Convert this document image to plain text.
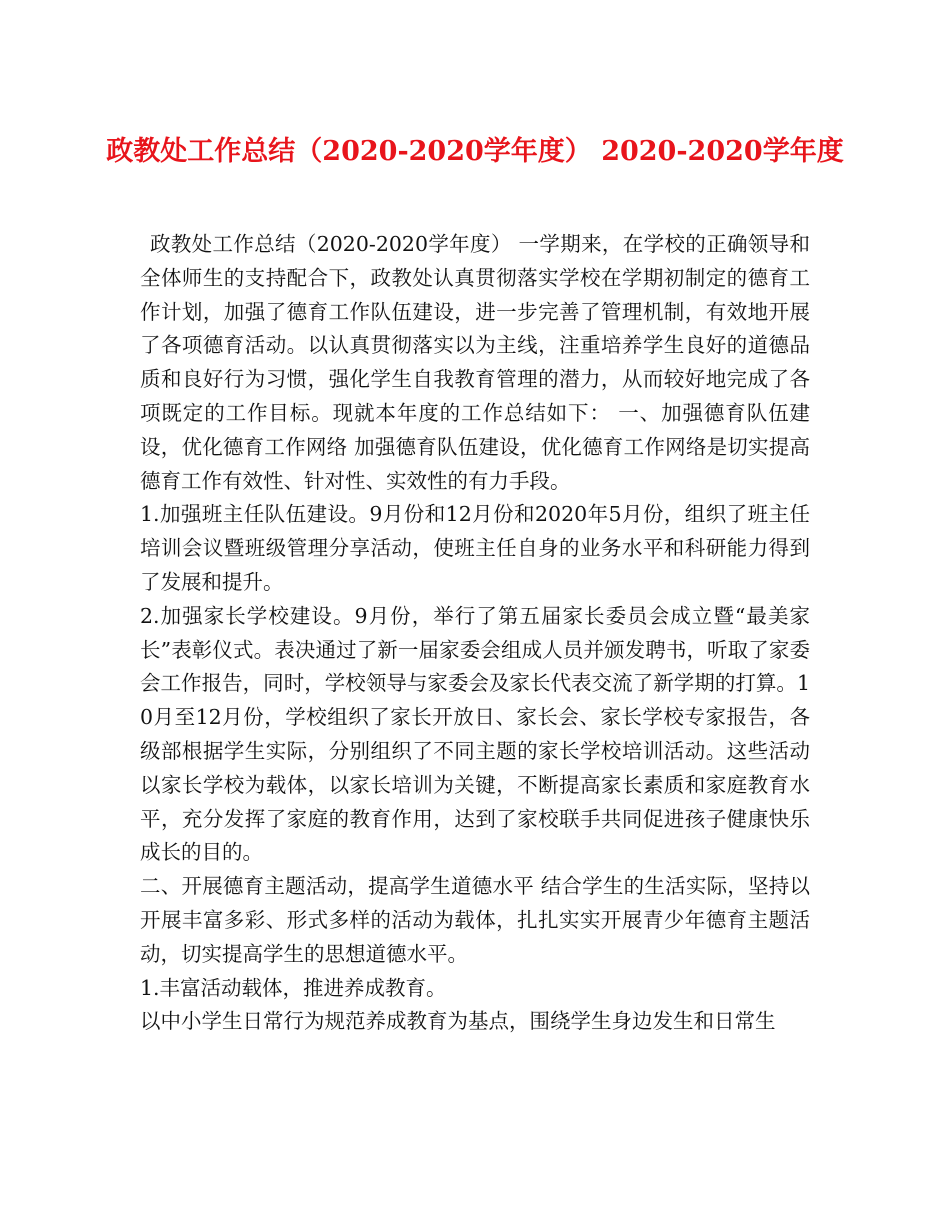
政教处工作总结（2020-2020学年度） 2020-2020学年度

政教处工作总结（2020-2020学年度） 一学期来，在学校的正确领导和全体师生的支持配合下，政教处认真贯彻落实学校在学期初制定的德育工作计划，加强了德育工作队伍建设，进一步完善了管理机制，有效地开展了各项德育活动。以认真贯彻落实以为主线，注重培养学生良好的道德品质和良好行为习惯，强化学生自我教育管理的潜力，从而较好地完成了各项既定的工作目标。现就本年度的工作总结如下： 一、加强德育队伍建设，优化德育工作网络 加强德育队伍建设，优化德育工作网络是切实提高德育工作有效性、针对性、实效性的有力手段。

1.加强班主任队伍建设。9月份和12月份和2020年5月份，组织了班主任培训会议暨班级管理分享活动，使班主任自身的业务水平和科研能力得到了发展和提升。

2.加强家长学校建设。9月份，举行了第五届家长委员会成立暨“最美家长”表彰仪式。表决通过了新一届家委会组成人员并颁发聘书，听取了家委会工作报告，同时，学校领导与家委会及家长代表交流了新学期的打算。10月至12月份，学校组织了家长开放日、家长会、家长学校专家报告，各级部根据学生实际，分别组织了不同主题的家长学校培训活动。这些活动以家长学校为载体，以家长培训为关键，不断提高家长素质和家庭教育水平，充分发挥了家庭的教育作用，达到了家校联手共同促进孩子健康快乐成长的目的。

二、开展德育主题活动，提高学生道德水平 结合学生的生活实际，坚持以开展丰富多彩、形式多样的活动为载体，扎扎实实开展青少年德育主题活动，切实提高学生的思想道德水平。

1.丰富活动载体，推进养成教育。

以中小学生日常行为规范养成教育为基点，围绕学生身边发生和日常生
